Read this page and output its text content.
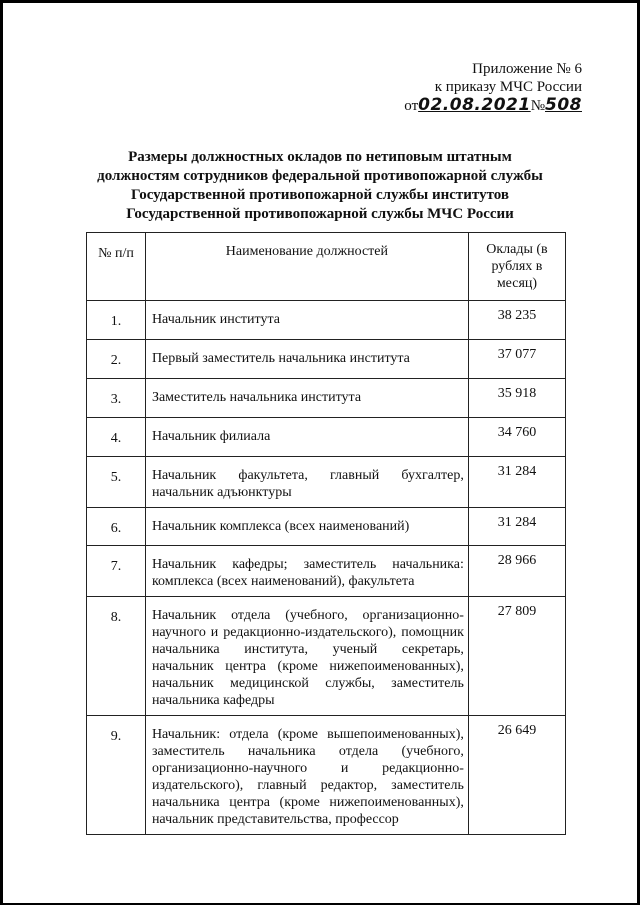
Приложение № 6
к приказу МЧС России
от02.08.2021№508
Размеры должностных окладов по нетиповым штатным должностям сотрудников федеральной противопожарной службы Государственной противопожарной службы институтов Государственной противопожарной службы МЧС России
№ п/п	Наименование должностей	Оклады (в рублях в месяц)
1.	Начальник института	38 235
2.	Первый заместитель начальника института	37 077
3.	Заместитель начальника института	35 918
4.	Начальник филиала	34 760
5.	Начальник факультета, главный бухгалтер, начальник адъюнктуры	31 284
6.	Начальник комплекса (всех наименований)	31 284
7.	Начальник кафедры; заместитель начальника: комплекса (всех наименований), факультета	28 966
8.	Начальник отдела (учебного, организационно-научного и редакционно-издательского), помощник начальника института, ученый секретарь, начальник центра (кроме нижепоименованных), начальник медицинской службы, заместитель начальника кафедры	27 809
9.	Начальник: отдела (кроме вышепоименованных), заместитель начальника отдела (учебного, организационно-научного и редакционно-издательского), главный редактор, заместитель начальника центра (кроме нижепоименованных), начальник представительства, профессор	26 649
